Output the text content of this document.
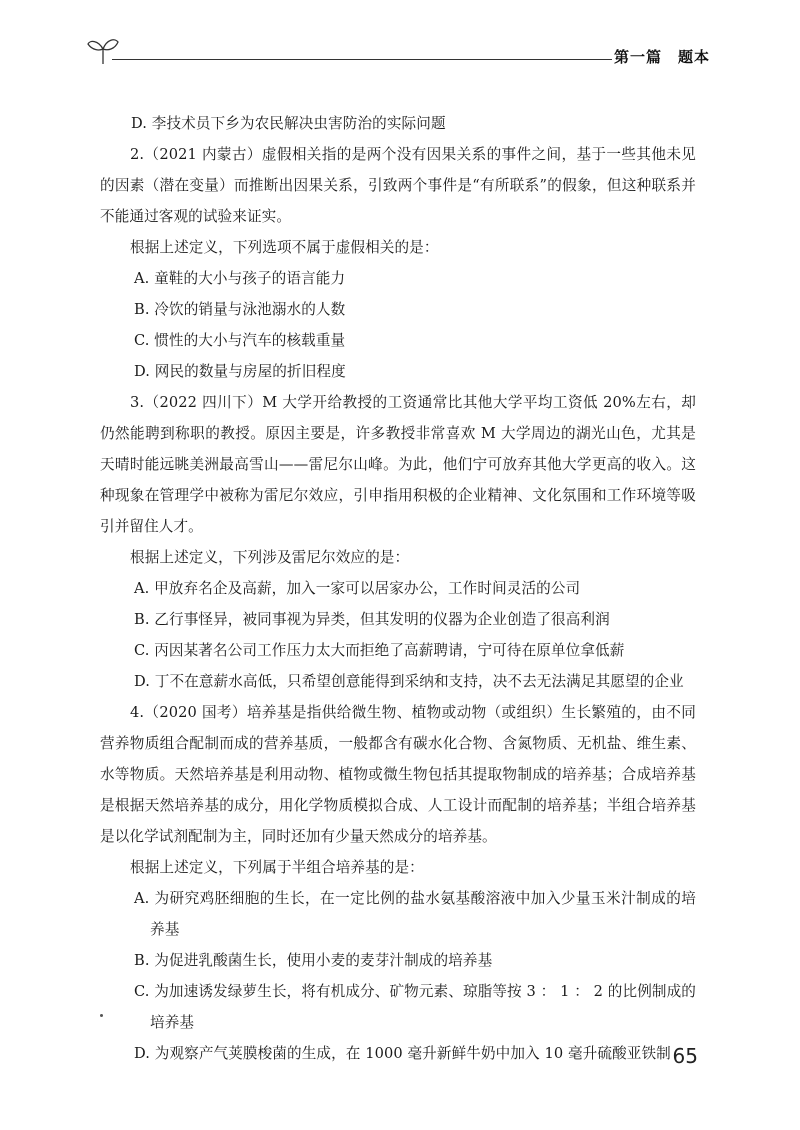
第一篇　题本

D. 李技术员下乡为农民解决虫害防治的实际问题

2.（2021 内蒙古）虚假相关指的是两个没有因果关系的事件之间，基于一些其他未见的因素（潜在变量）而推断出因果关系，引致两个事件是“有所联系”的假象，但这种联系并不能通过客观的试验来证实。

根据上述定义，下列选项不属于虚假相关的是：

A. 童鞋的大小与孩子的语言能力

B. 冷饮的销量与泳池溺水的人数

C. 惯性的大小与汽车的核载重量

D. 网民的数量与房屋的折旧程度

3.（2022 四川下）M 大学开给教授的工资通常比其他大学平均工资低 20%左右，却仍然能聘到称职的教授。原因主要是，许多教授非常喜欢 M 大学周边的湖光山色，尤其是天晴时能远眺美洲最高雪山——雷尼尔山峰。为此，他们宁可放弃其他大学更高的收入。这种现象在管理学中被称为雷尼尔效应，引申指用积极的企业精神、文化氛围和工作环境等吸引并留住人才。

根据上述定义，下列涉及雷尼尔效应的是：

A. 甲放弃名企及高薪，加入一家可以居家办公，工作时间灵活的公司

B. 乙行事怪异，被同事视为异类，但其发明的仪器为企业创造了很高利润

C. 丙因某著名公司工作压力太大而拒绝了高薪聘请，宁可待在原单位拿低薪

D. 丁不在意薪水高低，只希望创意能得到采纳和支持，决不去无法满足其愿望的企业

4.（2020 国考）培养基是指供给微生物、植物或动物（或组织）生长繁殖的，由不同营养物质组合配制而成的营养基质，一般都含有碳水化合物、含氮物质、无机盐、维生素、水等物质。天然培养基是利用动物、植物或微生物包括其提取物制成的培养基；合成培养基是根据天然培养基的成分，用化学物质模拟合成、人工设计而配制的培养基；半组合培养基是以化学试剂配制为主，同时还加有少量天然成分的培养基。

根据上述定义，下列属于半组合培养基的是：

A. 为研究鸡胚细胞的生长，在一定比例的盐水氨基酸溶液中加入少量玉米汁制成的培养基

B. 为促进乳酸菌生长，使用小麦的麦芽汁制成的培养基

C. 为加速诱发绿萝生长，将有机成分、矿物元素、琼脂等按 3 ： 1 ： 2 的比例制成的培养基

D. 为观察产气荚膜梭菌的生成，在 1000 毫升新鲜牛奶中加入 10 毫升硫酸亚铁制 65
